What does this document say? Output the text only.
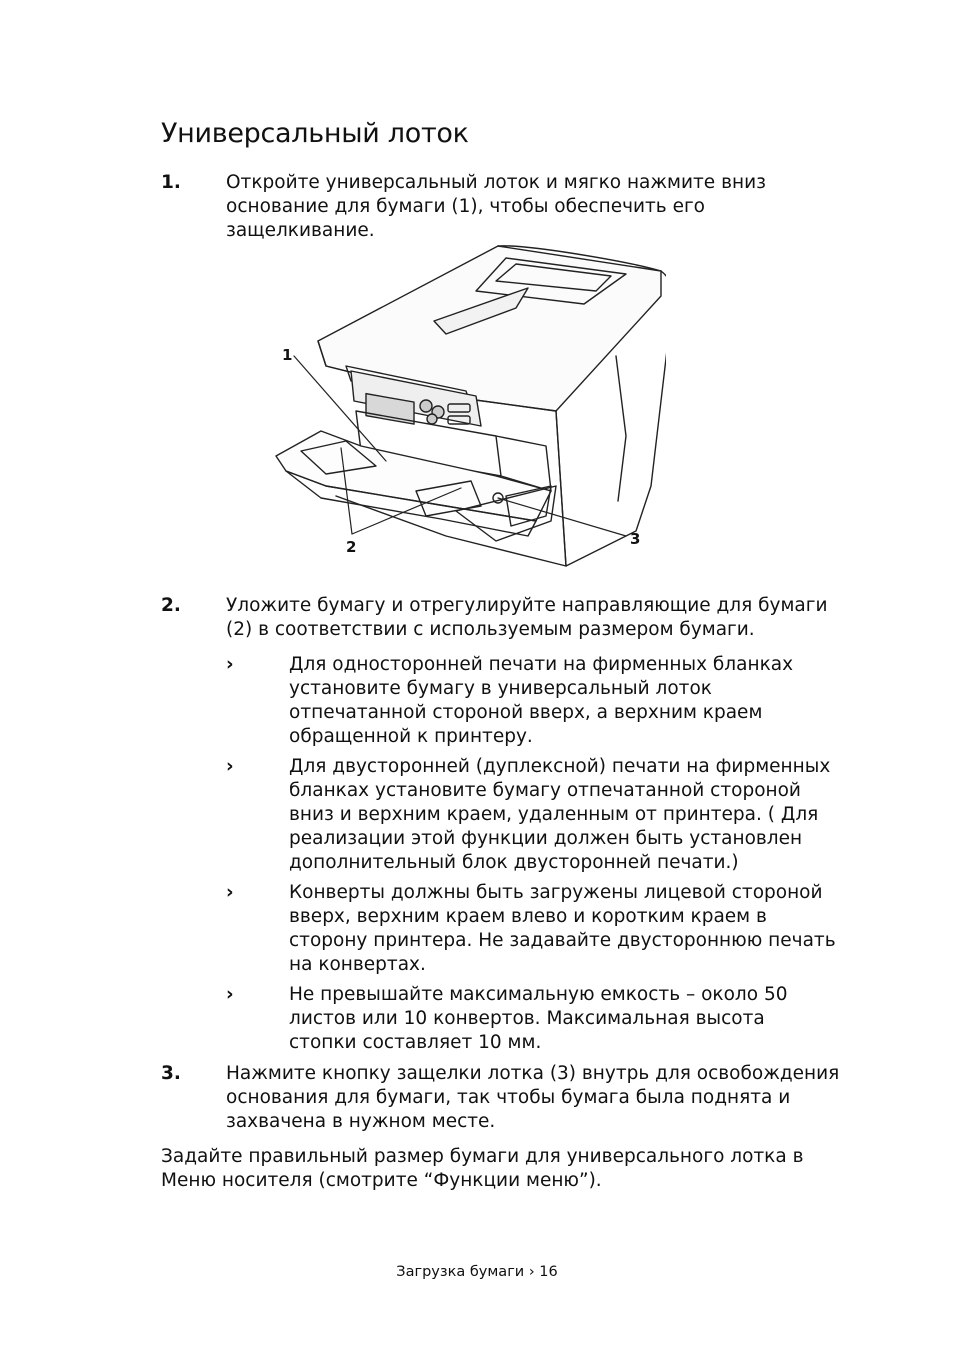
Универсальный лоток
1. Откройте универсальный лоток и мягко нажмите вниз основание для бумаги (1), чтобы обеспечить его защелкивание.
1
2	3
2. Уложите бумагу и отрегулируйте направляющие для бумаги (2) в соответствии с используемым размером бумаги.
›	Для односторонней печати на фирменных бланках установите бумагу в универсальный лоток отпечатанной стороной вверх, а верхним краем обращенной к принтеру.
›	Для двусторонней (дуплексной) печати на фирменных бланках установите бумагу отпечатанной стороной вниз и верхним краем, удаленным от принтера. ( Для реализации этой функции должен быть установлен дополнительный блок двусторонней печати.)
›	Конверты должны быть загружены лицевой стороной вверх, верхним краем влево и коротким краем в сторону принтера. Не задавайте двустороннюю печать на конвертах.
›	Не превышайте максимальную емкость – около 50 листов или 10 конвертов. Максимальная высота стопки составляет 10 мм.
3. Нажмите кнопку защелки лотка (3) внутрь для освобождения основания для бумаги, так чтобы бумага была поднята и захвачена в нужном месте.
Задайте правильный размер бумаги для универсального лотка в Меню носителя (смотрите “Функции меню”).
Загрузка бумаги › 16
